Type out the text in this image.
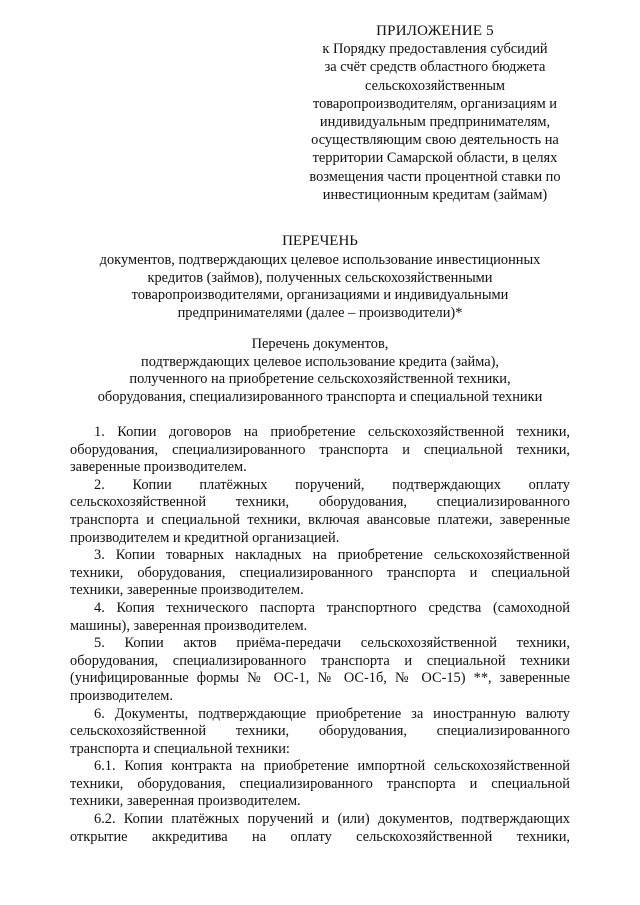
ПРИЛОЖЕНИЕ 5
к Порядку предоставления субсидий
за счёт средств областного бюджета
сельскохозяйственным
товаропроизводителям, организациям и
индивидуальным предпринимателям,
осуществляющим свою деятельность на
территории Самарской области, в целях
возмещения части процентной ставки по
инвестиционным кредитам (займам)
ПЕРЕЧЕНЬ
документов, подтверждающих целевое использование инвестиционных
кредитов (займов), полученных сельскохозяйственными
товаропроизводителями, организациями и индивидуальными
предпринимателями (далее – производители)*
Перечень документов,
подтверждающих целевое использование кредита (займа),
полученного на приобретение сельскохозяйственной техники,
оборудования, специализированного транспорта и специальной техники
1. Копии договоров на приобретение сельскохозяйственной техники,
оборудования, специализированного транспорта и специальной техники,
заверенные производителем.
2. Копии платёжных поручений, подтверждающих оплату
сельскохозяйственной техники, оборудования, специализированного
транспорта и специальной техники, включая авансовые платежи, заверенные
производителем и кредитной организацией.
3. Копии товарных накладных на приобретение сельскохозяйственной
техники, оборудования, специализированного транспорта и специальной
техники, заверенные производителем.
4. Копия технического паспорта транспортного средства (самоходной
машины), заверенная производителем.
5. Копии актов приёма-передачи сельскохозяйственной техники,
оборудования, специализированного транспорта и специальной техники
(унифицированные формы № ОС-1, № ОС-1б, № ОС-15) **, заверенные
производителем.
6. Документы, подтверждающие приобретение за иностранную валюту
сельскохозяйственной техники, оборудования, специализированного
транспорта и специальной техники:
6.1. Копия контракта на приобретение импортной сельскохозяйственной
техники, оборудования, специализированного транспорта и специальной
техники, заверенная производителем.
6.2. Копии платёжных поручений и (или) документов, подтверждающих
открытие аккредитива на оплату сельскохозяйственной техники,
